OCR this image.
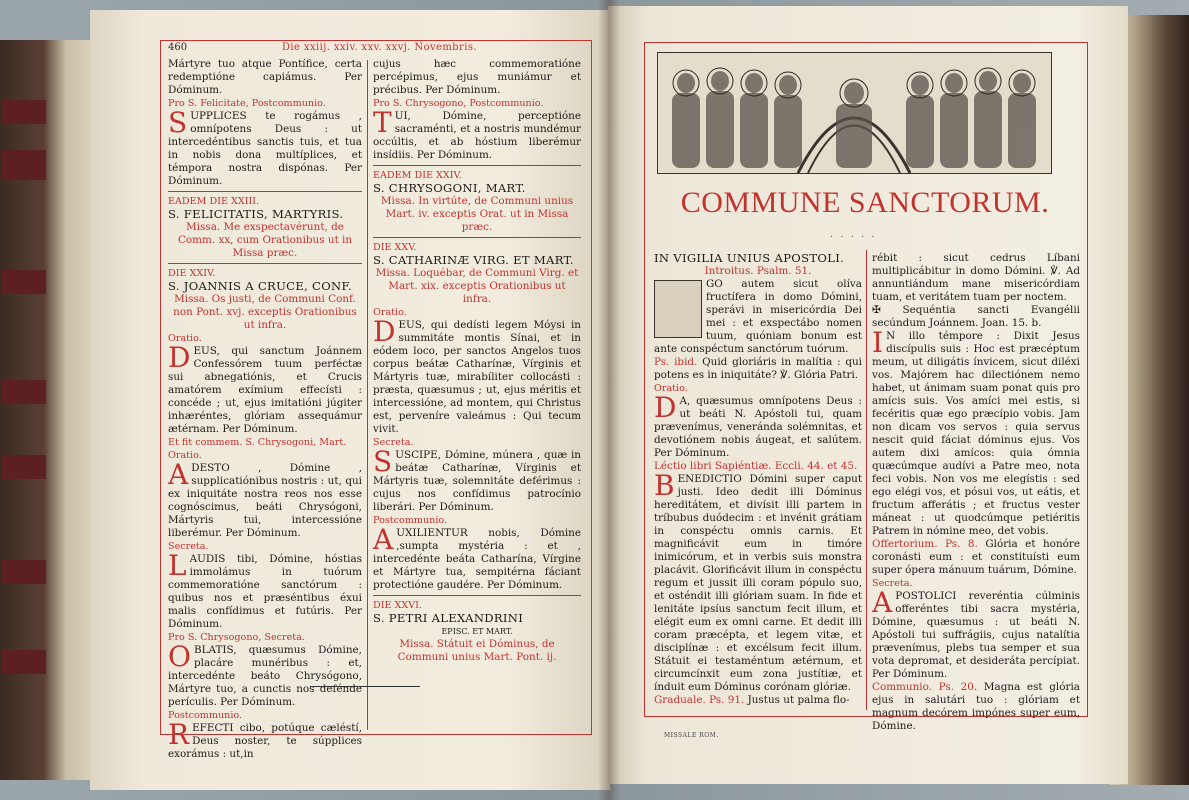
460	Die xxiij. xxiv. xxv. xxvj. Novembris.

Mártyre tuo atque Pontífice, certa redemptióne capiámus. Per Dóminum.

Pro S. Felicitate, Postcommunio.

SUPPLICES te rogámus , omnípotens Deus : ut intercedéntibus sanctis tuis, et tua in nobis dona multíplices, et témpora nostra dispónas. Per Dóminum.

EADEM DIE XXIII.

S. FELICITATIS, MARTYRIS.

Missa. Me exspectavérunt, de Comm. xx, cum Orationibus ut in Missa præc.

DIE XXIV.

S. JOANNIS A CRUCE, CONF.

Missa. Os justi, de Communi Conf. non Pont. xvj. exceptis Orationibus ut infra.

Oratio.

DEUS, qui sanctum Joánnem Confessórem tuum perféctæ sui abnegatiónis, et Crucis amatórem exímium effecísti : concéde ; ut, ejus imitatióni júgiter inhæréntes, glóriam assequámur ætérnam. Per Dóminum.

Et fit commem. S. Chrysogoni, Mart.

Oratio.

ADESTO , Dómine , supplicatiónibus nostris : ut, qui ex iniquitáte nostra reos nos esse cognóscimus, beáti Chrysógoni, Mártyris tui, intercessióne liberémur. Per Dóminum.

Secreta.

LAUDIS tibi, Dómine, hóstias immolámus in tuórum commemoratióne sanctórum : quibus nos et præséntibus éxui malis confídimus et futúris. Per Dóminum.

Pro S. Chrysogono, Secreta.

OBLATIS, quæsumus Dómine, placáre munéribus : et, intercedénte beáto Chrysógono, Mártyre tuo, a cunctis nos defénde perículis. Per Dóminum.

Postcommunio.

REFECTI cibo, potúque cæléstí, Deus noster, te súpplices exorámus : ut,in

cujus hæc commemoratióne percépimus, ejus muniámur et précibus. Per Dóminum.

Pro S. Chrysogono, Postcommunio.

TUI, Dómine, perceptióne sacraménti, et a nostris mundémur occúltis, et ab hóstium liberémur insídiis. Per Dóminum.

EADEM DIE XXIV.

S. CHRYSOGONI, MART.

Missa. In virtúte, de Communi unius Mart. iv. exceptis Orat. ut in Missa præc.

DIE XXV.

S. CATHARINÆ VIRG. ET MART.

Missa. Loquébar, de Communi Virg. et Mart. xix. exceptis Orationibus ut infra.

Oratio.

DEUS, qui dedísti legem Móysi in summitáte montis Sínai, et in eódem loco, per sanctos Angelos tuos corpus beátæ Catharínæ, Vírginis et Mártyris tuæ, mirabíliter collocásti : præsta, quæsumus ; ut, ejus méritis et intercessióne, ad montem, qui Christus est, perveníre valeámus : Qui tecum vivit.

Secreta.

SUSCIPE, Dómine, múnera , quæ in beátæ Catharínæ, Vírginis et Mártyris tuæ, solemnitáte deférimus : cujus nos confídimus patrocínio liberári. Per Dóminum.

Postcommunio.

AUXILIENTUR nobis, Dómine ,sumpta mystéria : et , intercedénte beáta Catharína, Vírgine et Mártyre tua, sempitérna fáciant protectióne gaudére. Per Dóminum.

DIE XXVI.

S. PETRI ALEXANDRINI

EPISC. ET MART.

Missa. Státuit ei Dóminus, de Communi unius Mart. Pont. ij.

COMMUNE SANCTORUM.
· · · · ·

IN VIGILIA UNIUS APOSTOLI.

Introitus. Psalm. 51.

GO autem sicut olíva fructífera in domo Dómini, sperávi in misericórdia Dei mei : et exspectábo nomen tuum, quóniam bonum est ante conspéctum sanctórum tuórum.

Ps. ibid. Quid gloriáris in malítia : qui potens es in iniquitáte? ℣. Glória Patri.

Oratio.

D A, quæsumus omnípotens Deus : ut beáti N. Apóstoli tui, quam prævenímus, veneránda solémnitas, et devotiónem nobis áugeat, et salútem. Per Dóminum.

Léctio libri Sapiéntiæ. Eccli. 44. et 45.

BENEDICTIO Dómini super caput justi. Ideo dedit illi Dóminus hereditátem, et divísit illi partem in tríbubus duódecim : et invénit grátiam in conspéctu omnis carnis. Et magnificávit eum in timóre inimicórum, et in verbis suis monstra placávit. Glorificávit illum in conspéctu regum et jussit illi coram pópulo suo, et osténdit illi glóriam suam. In fide et lenitáte ipsíus sanctum fecit illum, et elégit eum ex omni carne. Et dedit illi coram præcépta, et legem vitæ, et disciplínæ : et excélsum fecit illum. Státuit ei testaméntum ætérnum, et circumcínxit eum zona justítiæ, et índuit eum Dóminus corónam glóriæ.

Graduale. Ps. 91. Justus ut palma flo-

rébit : sicut cedrus Líbani multiplicábitur in domo Dómini. ℣. Ad annuntiándum mane misericórdiam tuam, et veritátem tuam per noctem.

✠ Sequéntia sancti Evangélii secúndum Joánnem. Joan. 15. b.

I N illo témpore : Dixit Jesus discípulis suis : Hoc est præcéptum meum, ut diligátis ínvicem, sicut diléxi vos. Majórem hac dilectiónem nemo habet, ut ánimam suam ponat quis pro amícis suis. Vos amíci mei estis, si fecéritis quæ ego præcípio vobis. Jam non dicam vos servos : quia servus nescit quid fáciat dóminus ejus. Vos autem dixi amícos: quia ómnia quæcúmque audívi a Patre meo, nota feci vobis. Non vos me elegístis : sed ego elégi vos, et pósui vos, ut eátis, et fructum afferátis ; et fructus vester máneat : ut quodcúmque petiéritis Patrem in nómine meo, det vobis.

Offertorium. Ps. 8. Glória et honóre coronásti eum : et constituísti eum super ópera mánuum tuárum, Dómine.

Secreta.

APOSTOLICI reveréntia cúlminis offeréntes tibi sacra mystéria, Dómine, quæsumus : ut beáti N. Apóstoli tui suffrágiis, cujus natalítia prævenímus, plebs tua semper et sua vota depromat, et desideráta percípiat. Per Dóminum.

Communio. Ps. 20. Magna est glória ejus in salutári tuo : glóriam et magnum decórem impónes super eum, Dómine.

MISSALE ROM.
